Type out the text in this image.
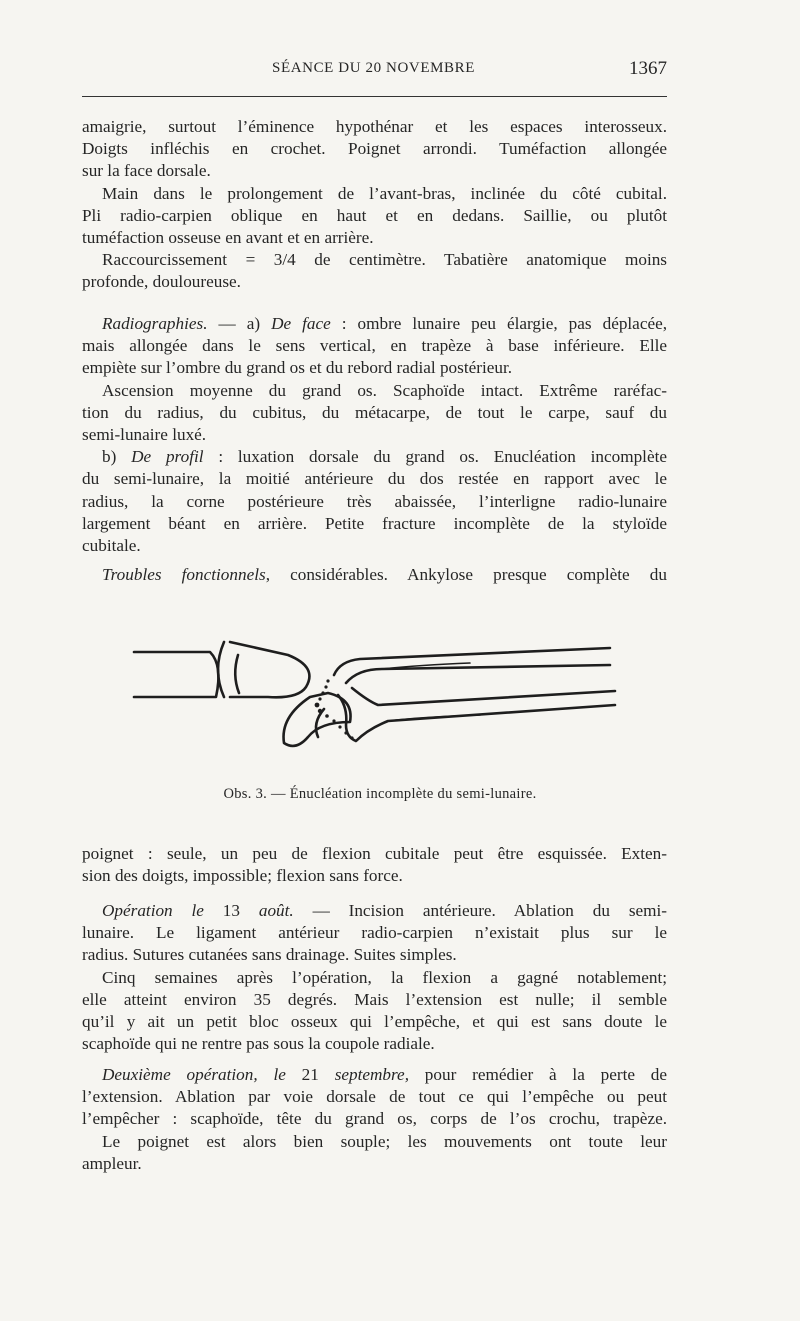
SÉANCE DU 20 NOVEMBRE	1367
amaigrie, surtout l’éminence hypothénar et les espaces interosseux.
Doigts infléchis en crochet. Poignet arrondi. Tuméfaction allongée
sur la face dorsale.
Main dans le prolongement de l’avant-bras, inclinée du côté cubital.
Pli radio-carpien oblique en haut et en dedans. Saillie, ou plutôt
tuméfaction osseuse en avant et en arrière.
Raccourcissement = 3/4 de centimètre. Tabatière anatomique moins
profonde, douloureuse.
Radiographies. — a) De face : ombre lunaire peu élargie, pas déplacée,
mais allongée dans le sens vertical, en trapèze à base inférieure. Elle
empiète sur l’ombre du grand os et du rebord radial postérieur.
Ascension moyenne du grand os. Scaphoïde intact. Extrême raréfac-
tion du radius, du cubitus, du métacarpe, de tout le carpe, sauf du
semi-lunaire luxé.
b) De profil : luxation dorsale du grand os. Enucléation incomplète
du semi-lunaire, la moitié antérieure du dos restée en rapport avec le
radius, la corne postérieure très abaissée, l’interligne radio-lunaire
largement béant en arrière. Petite fracture incomplète de la styloïde
cubitale.
Troubles fonctionnels, considérables. Ankylose presque complète du
Obs. 3. — Énucléation incomplète du semi-lunaire.
poignet : seule, un peu de flexion cubitale peut être esquissée. Exten-
sion des doigts, impossible; flexion sans force.
Opération le 13 août. — Incision antérieure. Ablation du semi-
lunaire. Le ligament antérieur radio-carpien n’existait plus sur le
radius. Sutures cutanées sans drainage. Suites simples.
Cinq semaines après l’opération, la flexion a gagné notablement;
elle atteint environ 35 degrés. Mais l’extension est nulle; il semble
qu’il y ait un petit bloc osseux qui l’empêche, et qui est sans doute le
scaphoïde qui ne rentre pas sous la coupole radiale.
Deuxième opération, le 21 septembre, pour remédier à la perte de
l’extension. Ablation par voie dorsale de tout ce qui l’empêche ou peut
l’empêcher : scaphoïde, tête du grand os, corps de l’os crochu, trapèze.
Le poignet est alors bien souple; les mouvements ont toute leur
ampleur.
